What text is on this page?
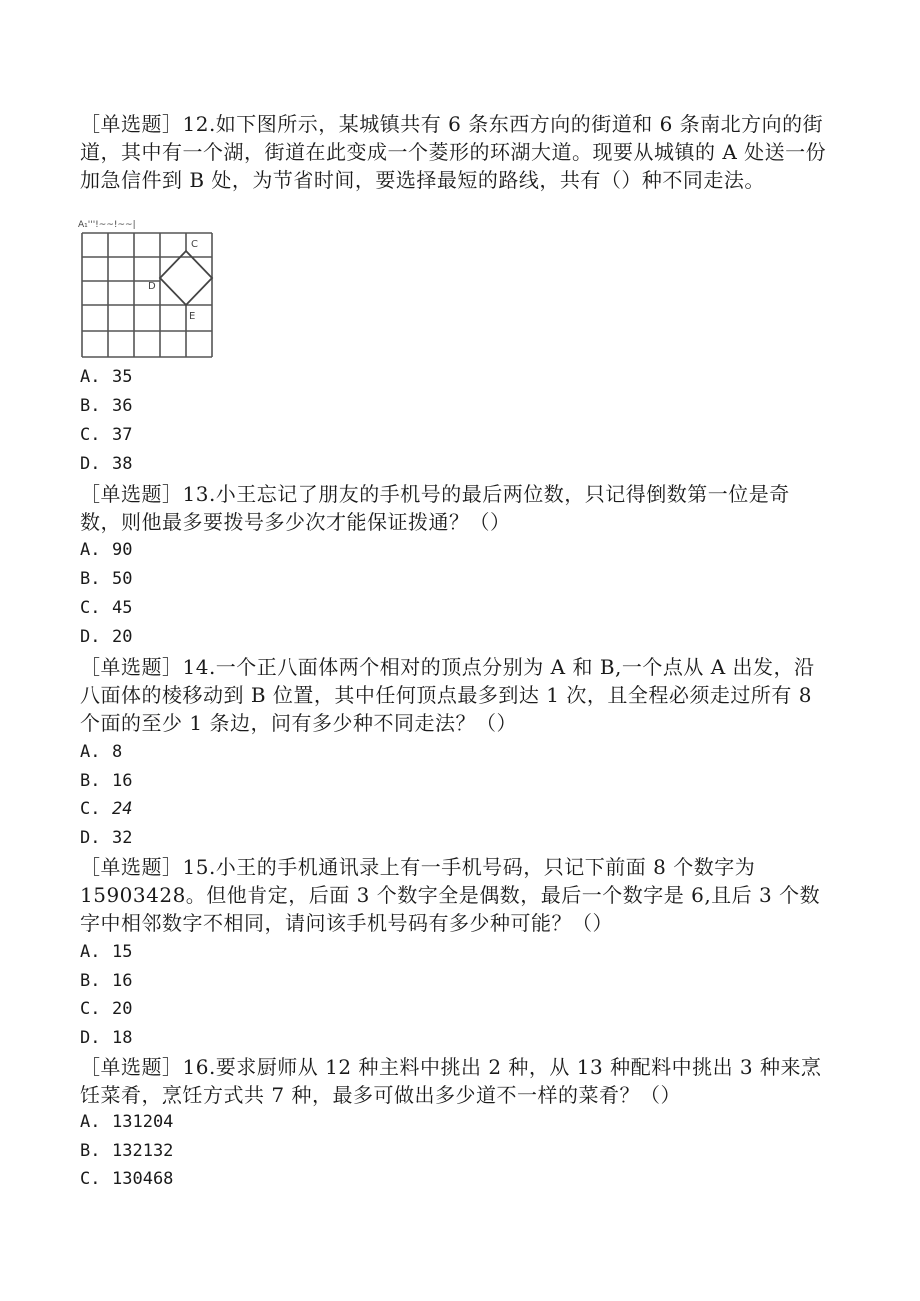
［单选题］12.如下图所示，某城镇共有 6 条东西方向的街道和 6 条南北方向的街道，其中有一个湖，街道在此变成一个菱形的环湖大道。现要从城镇的 A 处送一份加急信件到 B 处，为节省时间，要选择最短的路线，共有（）种不同走法。
A₁'''!~~!~~|
C
D
E
A. 35
B. 36
C. 37
D. 38
［单选题］13.小王忘记了朋友的手机号的最后两位数，只记得倒数第一位是奇数，则他最多要拨号多少次才能保证拨通？（）
A. 90
B. 50
C. 45
D. 20
［单选题］14.一个正八面体两个相对的顶点分别为 A 和 B,一个点从 A 出发，沿八面体的棱移动到 B 位置，其中任何顶点最多到达 1 次，且全程必须走过所有 8 个面的至少 1 条边，问有多少种不同走法？（）
A. 8
B. 16
C. 24
D. 32
［单选题］15.小王的手机通讯录上有一手机号码，只记下前面 8 个数字为 15903428。但他肯定，后面 3 个数字全是偶数，最后一个数字是 6,且后 3 个数字中相邻数字不相同，请问该手机号码有多少种可能？（）
A. 15
B. 16
C. 20
D. 18
［单选题］16.要求厨师从 12 种主料中挑出 2 种，从 13 种配料中挑出 3 种来烹饪菜肴，烹饪方式共 7 种，最多可做出多少道不一样的菜肴？（）
A. 131204
B. 132132
C. 130468
